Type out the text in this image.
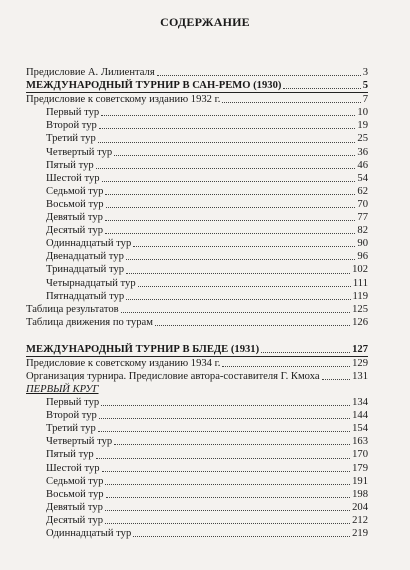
СОДЕРЖАНИЕ
Предисловие А. Лилиенталя	3
МЕЖДУНАРОДНЫЙ ТУРНИР В САН-РЕМО (1930)	5
Предисловие к советскому изданию 1932 г.	7
Первый тур	10
Второй тур	19
Третий тур	25
Четвертый тур	36
Пятый тур	46
Шестой тур	54
Седьмой тур	62
Восьмой тур	70
Девятый тур	77
Десятый тур	82
Одиннадцатый тур	90
Двенадцатый тур	96
Тринадцатый тур	102
Четырнадцатый тур	111
Пятнадцатый тур	119
Таблица результатов	125
Таблица движения по турам	126
МЕЖДУНАРОДНЫЙ ТУРНИР В БЛЕДЕ (1931)	127
Предисловие к советскому изданию 1934 г.	129
Организация турнира. Предисловие автора-составителя Г. Кмоха	131
ПЕРВЫЙ КРУГ
Первый тур	134
Второй тур	144
Третий тур	154
Четвертый тур	163
Пятый тур	170
Шестой тур	179
Седьмой тур	191
Восьмой тур	198
Девятый тур	204
Десятый тур	212
Одиннадцатый тур	219
